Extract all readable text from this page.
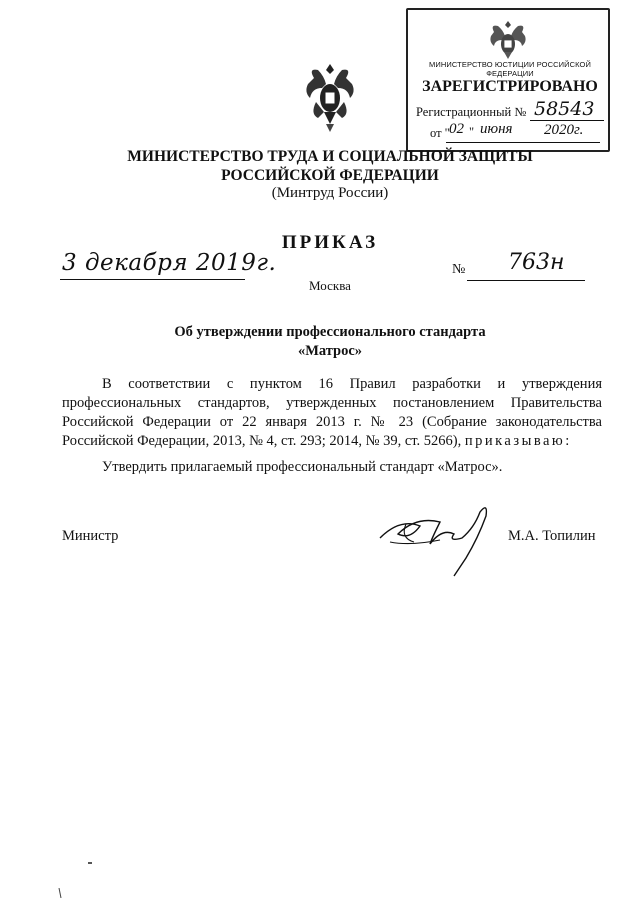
МИНИСТЕРСТВО ЮСТИЦИИ РОССИЙСКОЙ ФЕДЕРАЦИИ
ЗАРЕГИСТРИРОВАНО
Регистрационный № 58543
от " 02 " июня 2020г.
МИНИСТЕРСТВО ТРУДА И СОЦИАЛЬНОЙ ЗАЩИТЫ
РОССИЙСКОЙ ФЕДЕРАЦИИ
(Минтруд России)
ПРИКАЗ
3 декабря 2019г.	№ 763н
Москва
Об утверждении профессионального стандарта
«Матрос»
В соответствии с пунктом 16 Правил разработки и утверждения профессиональных стандартов, утвержденных постановлением Правительства Российской Федерации от 22 января 2013 г. № 23 (Собрание законодательства Российской Федерации, 2013, № 4, ст. 293; 2014, № 39, ст. 5266), приказываю:
Утвердить прилагаемый профессиональный стандарт «Матрос».
Министр	М.А. Топилин
